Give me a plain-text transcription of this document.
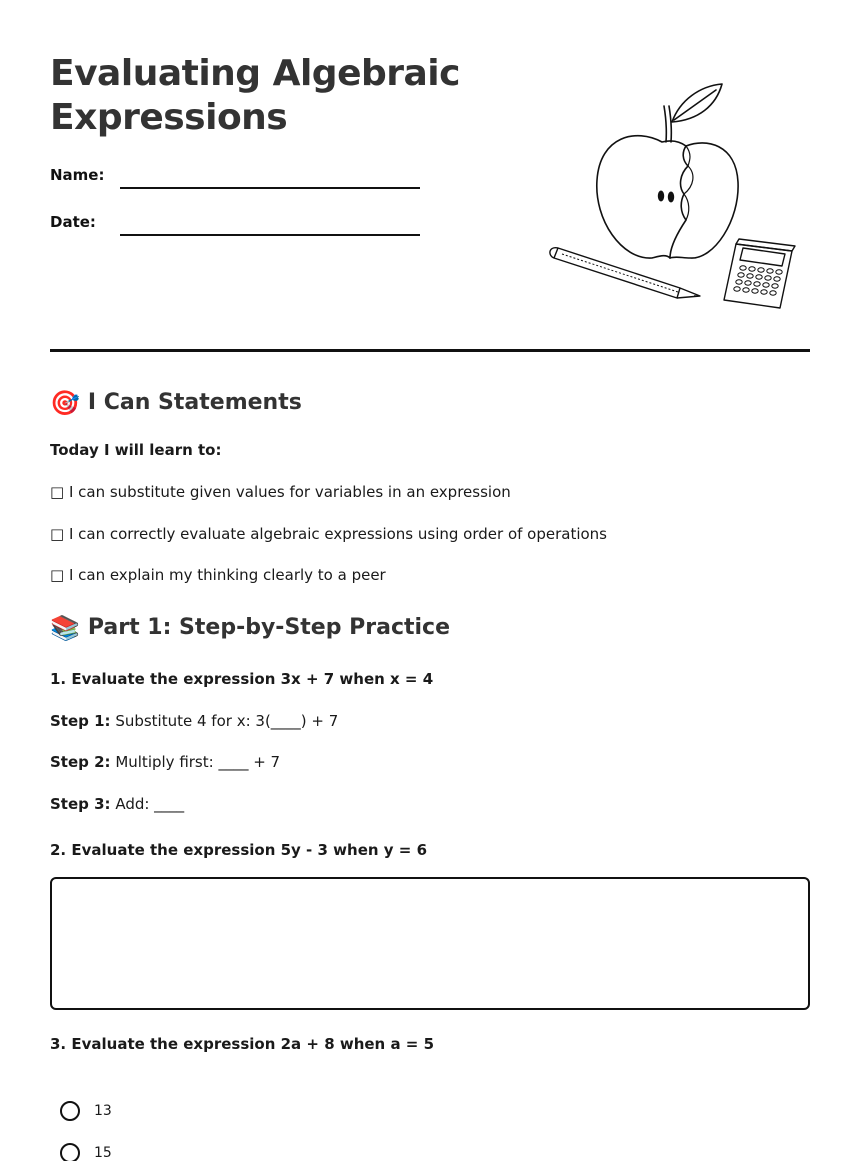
Evaluating Algebraic Expressions
Name:
Date:
🎯 I Can Statements
Today I will learn to:
□ I can substitute given values for variables in an expression
□ I can correctly evaluate algebraic expressions using order of operations
□ I can explain my thinking clearly to a peer
📚 Part 1: Step-by-Step Practice
1. Evaluate the expression 3x + 7 when x = 4
Step 1: Substitute 4 for x: 3(____) + 7
Step 2: Multiply first: ____ + 7
Step 3: Add: ____
2. Evaluate the expression 5y - 3 when y = 6
3. Evaluate the expression 2a + 8 when a = 5
13
15
